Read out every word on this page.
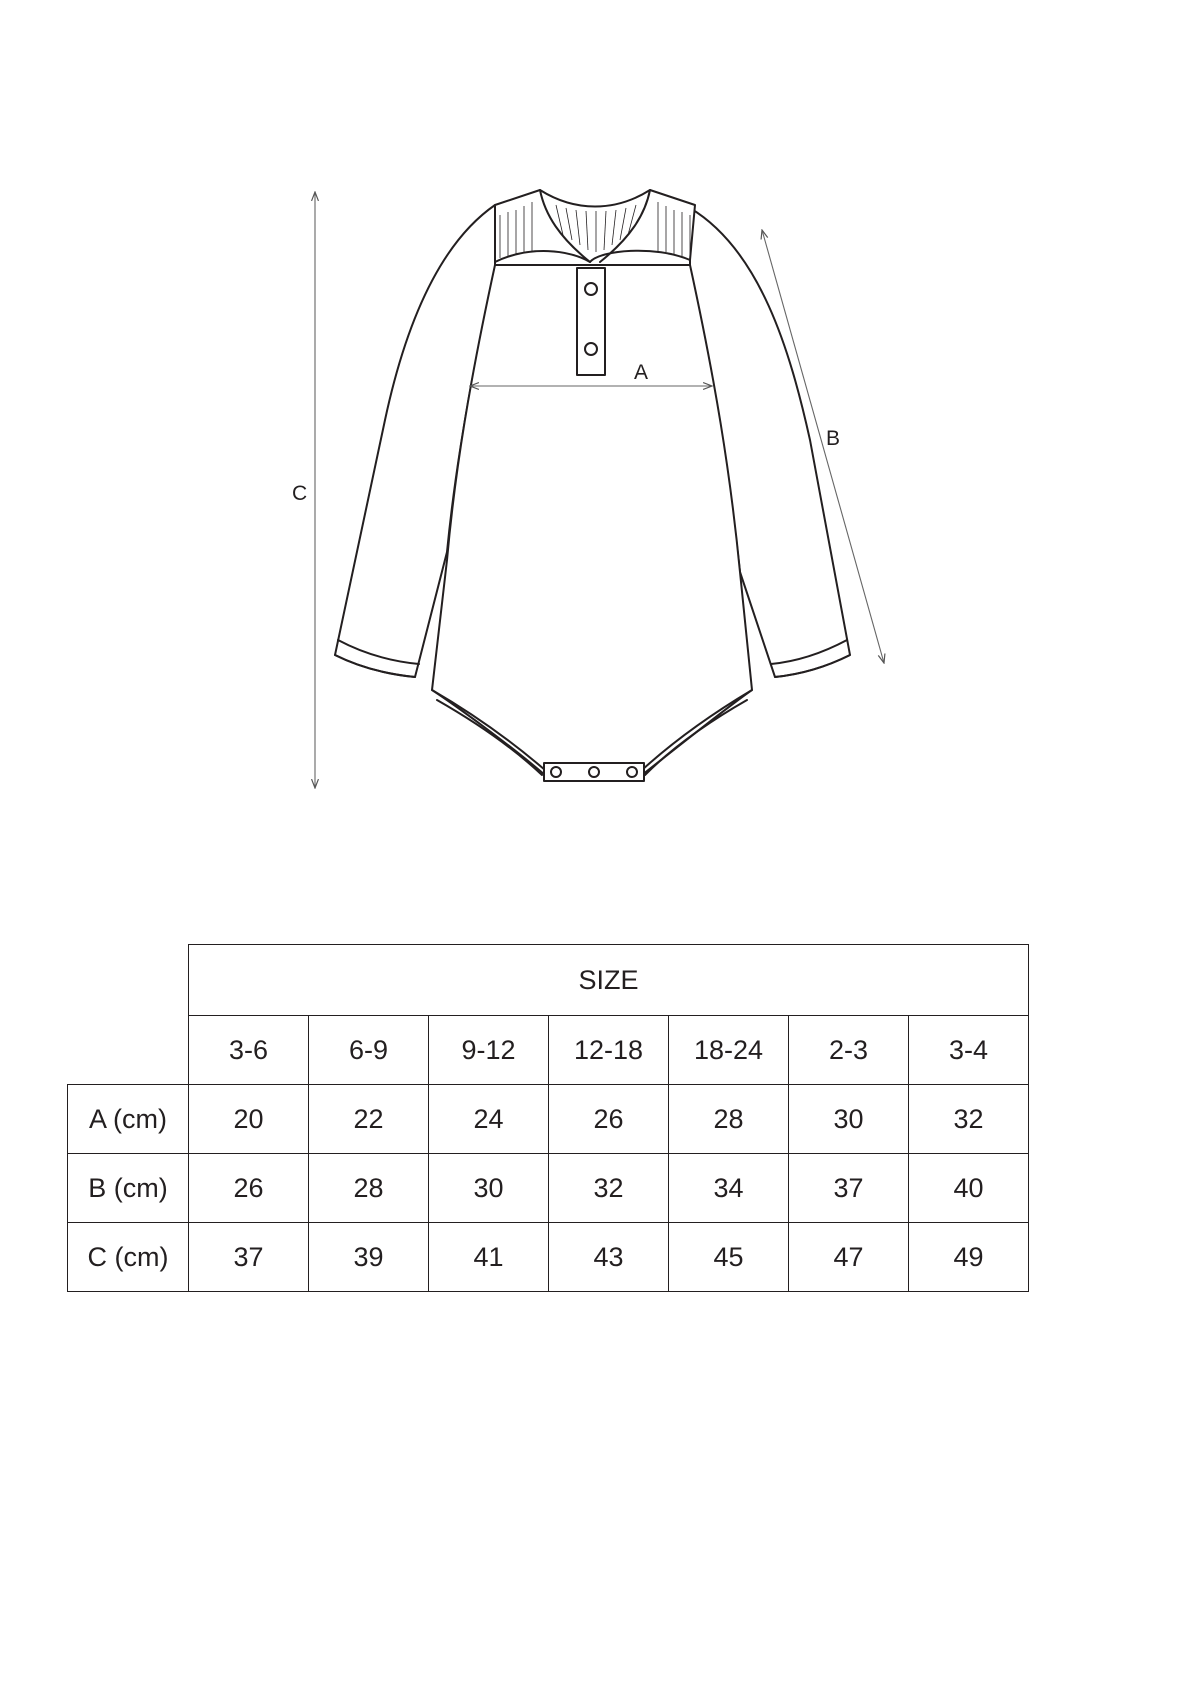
A
B
C
	SIZE						
	3-6	6-9	9-12	12-18	18-24	2-3	3-4
A (cm)	20	22	24	26	28	30	32
B (cm)	26	28	30	32	34	37	40
C (cm)	37	39	41	43	45	47	49
